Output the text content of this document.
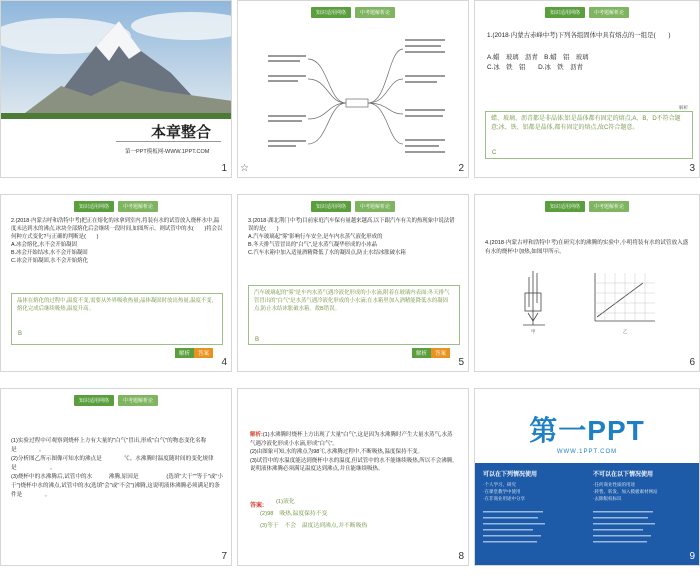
本章整合
第一PPT模板网-WWW.1PPT.COM
1
知识适用网络	中考题解析论
☆	2
知识适用网络	中考题解析论
1.(2018·内蒙古赤峰中考)下列各组固体中具有熔点的一组是(　　)
A.蜡　玻璃　沥青　B.蜡　铝　玻璃
C.冰　铁　铝　　D.冰　铁　沥青
解析
蜡、玻璃、沥青都是非晶体;铝是晶体都有固定的熔点,A、B、D不符合题意;冰、铁、铝都是晶体,都有固定的熔点,故C符合题意。
C
3
知识适用网络	中考题解析论
2.(2018·内蒙古呼和浩特中考)把正在熔化的冰拿到室内,将装有水的试管放入烧杯水中,温度未达到水的沸点,冰块全部熔化后会继续一段时间,如图所示。则试管中的水(　　)将会以何种方式变化?与正确的判断是(　　)
A.冰会熔化,水不会开始凝固
B.冰会开始结冰,水不会开始凝固
C.冰会开始凝固,水不会开始熔化
晶体在熔化的过程中,温度不变,需要从外界吸收热量;晶体凝固时放出热量,温度不变,熔化完成后继续吸热,温度升高。
B
解析	答案
4
知识适用网络	中考题解析论
3.(2018·湖北荆门中考)目前家庭汽车保有量越来越高,以下跟汽车有关的热现象中说法错误的是(　　)
A.汽车玻璃起"雾"影响行车安全,是车内水蒸气液化形成的
B.冬天排气管冒出的"白气",是水蒸气凝华形成的小冰晶
C.汽车水箱中加入适量酒精降低了水的凝固点,防止水结冰胀破水箱
汽车玻璃起的"雾"是车内水蒸气遇冷液化形成的小水滴,附着在玻璃内表面;冬天排气管冒出的"白气"是水蒸气遇冷液化形成的小水滴;在水箱里加入酒精能降低水的凝固点,防止水结冰胀破水箱。故B错误。
B
解析	答案
5
知识适用网络	中考题解析论
4.(2018·内蒙古呼和浩特中考)在研究水的沸腾的实验中,小明将装有水的试管放入盛有水的烧杯中加热,如图甲所示。
甲	乙
6
知识适用网络	中考题解析论
(1)实验过程中可观察到烧杯上方有大量的"白气"冒出,形成"白气"的物态变化名称是　　　　。
(2)分析图乙所示图像可知水的沸点是　　　　℃。水沸腾时温度随时间的变化规律是　　　　　　。
(3)烧杯中的水沸腾后,试管中的水　　　沸腾,原因是　　　　　(选填"大于""等于"或"小于")烧杯中水的沸点,试管中的水(选填"会"或"不会")沸腾,这说明液体沸腾必须满足的条件是　　　　。
7

解析:(1)水沸腾时烧杯上方出现了大量"白气",这是因为水沸腾时产生大量水蒸气,水蒸气遇冷液化形成小水滴,形成"白气"。
(2)由图象可知,水的沸点为98℃,水沸腾过程中,不断吸热,温度保持不变。
(3)试管中的水温度能达到烧杯中水的温度,但试管中的水不能继续吸热,所以不会沸腾,说明液体沸腾必须满足温度达到沸点,并且能继续吸热。

答案:
(1)液化
(2)98　吸热,温度保持不变
(3)等于　不会　温度达到沸点,并不断吸热
8
第一PPT
WWW.1PPT.COM
可以在下列情况使用	不可以在以下情况使用
·个人学习、研究
·在课堂教学中使用
·在非商业用途中分享
·任何商业性质的用途
·转售、转发、加入模板素材网站
·去除版权标识
9
